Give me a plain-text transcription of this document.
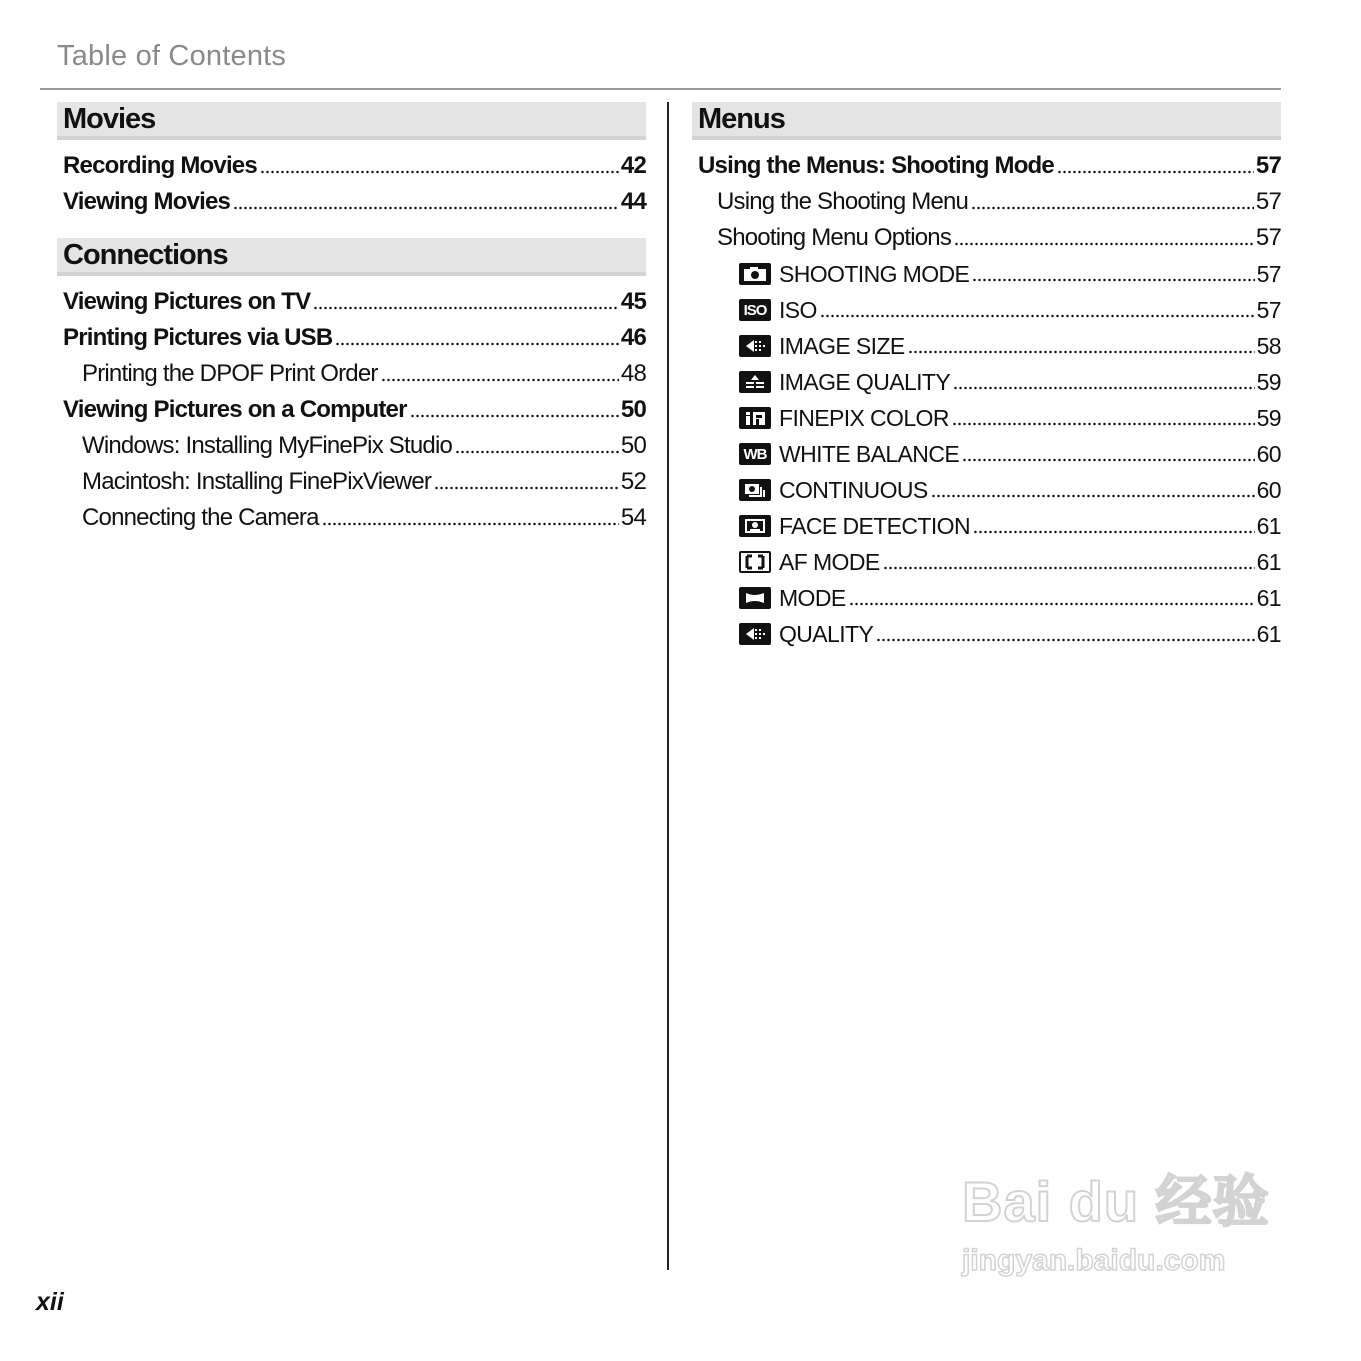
Table of Contents
Movies
Recording Movies	42
Viewing Movies	44
Connections
Viewing Pictures on TV	45
Printing Pictures via USB	46
Printing the DPOF Print Order	48
Viewing Pictures on a Computer	50
Windows: Installing MyFinePix Studio	50
Macintosh: Installing FinePixViewer	52
Connecting the Camera	54
Menus
Using the Menus: Shooting Mode	57
Using the Shooting Menu	57
Shooting Menu Options	57
SHOOTING MODE	57
ISO ISO	57
IMAGE SIZE	58
IMAGE QUALITY	59
FINEPIX COLOR	59
WB WHITE BALANCE	60
CONTINUOUS	60
FACE DETECTION	61
AF MODE	61
MODE	61
QUALITY	61
xii
Bai du 经验
jingyan.baidu.com
